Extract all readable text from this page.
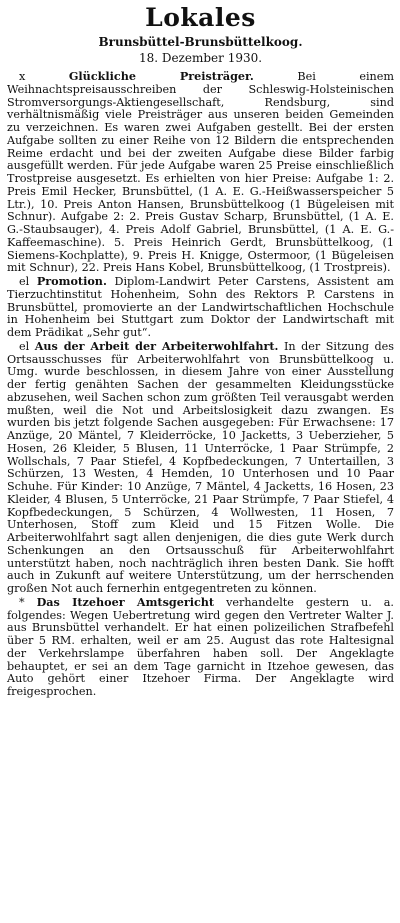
Lokales
Brunsbüttel-Brunsbüttelkoog.
18. Dezember 1930.

x	Glückliche Preisträger.	Bei einem Weihnachtspreisausschreiben der Schleswig-Holsteinischen Stromversorgungs-Aktiengesellschaft, Rendsburg, sind verhältnismäßig viele Preisträger aus unseren beiden Gemeinden zu verzeichnen. Es waren zwei Aufgaben gestellt. Bei der ersten Aufgabe sollten zu einer Reihe von 12 Bildern die entsprechenden Reime erdacht und bei der zweiten Aufgabe diese Bilder farbig ausgefüllt werden. Für jede Aufgabe waren 25 Preise einschließlich Trostpreise ausgesetzt. Es erhielten von hier Preise: Aufgabe 1: 2. Preis Emil Hecker, Brunsbüttel, (1 A. E. G.-Heißwasserspeicher 5 Ltr.), 10. Preis Anton Hansen, Brunsbüttelkoog (1 Bügeleisen mit Schnur). Aufgabe 2: 2. Preis Gustav Scharp, Brunsbüttel, (1 A. E. G.-Staubsauger), 4. Preis Adolf Gabriel, Brunsbüttel, (1 A. E. G.-Kaffeemaschine). 5. Preis Heinrich Gerdt, Brunsbüttelkoog, (1 Siemens-Kochplatte), 9. Preis H. Knigge, Ostermoor, (1 Bügeleisen mit Schnur), 22. Preis Hans Kobel, Brunsbüttelkoog, (1 Trostpreis).

el Promotion. Diplom-Landwirt Peter Carstens, Assistent am Tierzuchtinstitut Hohenheim, Sohn des Rektors P. Carstens in Brunsbüttel, promovierte an der Landwirtschaftlichen Hochschule in Hohenheim bei Stuttgart zum Doktor der Landwirtschaft mit dem Prädikat „Sehr gut“.

el Aus der Arbeit der Arbeiterwohlfahrt. In der Sitzung des Ortsausschusses für Arbeiterwohlfahrt von Brunsbüttelkoog u. Umg. wurde beschlossen, in diesem Jahre von einer Ausstellung der fertig genähten Sachen der gesammelten Kleidungsstücke abzusehen, weil Sachen schon zum größten Teil verausgabt werden mußten, weil die Not und Arbeitslosigkeit dazu zwangen. Es wurden bis jetzt folgende Sachen ausgegeben: Für Erwachsene: 17 Anzüge, 20 Mäntel, 7 Kleiderröcke, 10 Jacketts, 3 Ueberzieher, 5 Hosen, 26 Kleider, 5 Blusen, 11 Unterröcke, 1 Paar Strümpfe, 2 Wollschals, 7 Paar Stiefel, 4 Kopfbedeckungen, 7 Untertaillen, 3 Schürzen, 13 Westen, 4 Hemden, 10 Unterhosen und 10 Paar Schuhe. Für Kinder: 10 Anzüge, 7 Mäntel, 4 Jacketts, 16 Hosen, 23 Kleider, 4 Blusen, 5 Unterröcke, 21 Paar Strümpfe, 7 Paar Stiefel, 4 Kopfbedeckungen, 5 Schürzen, 4 Wollwesten, 11 Hosen, 7 Unterhosen, Stoff zum Kleid und 15 Fitzen Wolle. Die Arbeiterwohlfahrt sagt allen denjenigen, die dies gute Werk durch Schenkungen an den Ortsausschuß für Arbeiterwohlfahrt unterstützt haben, noch nachträglich ihren besten Dank. Sie hofft auch in Zukunft auf weitere Unterstützung, um der herrschenden großen Not auch fernerhin entgegentreten zu können.

* Das Itzehoer Amtsgericht verhandelte gestern u. a. folgendes: Wegen Uebertretung wird gegen den Vertreter Walter J. aus Brunsbüttel verhandelt. Er hat einen polizeilichen Strafbefehl über 5 RM. erhalten, weil er am 25. August das rote Haltesignal der Verkehrslampe überfahren haben soll. Der Angeklagte behauptet, er sei an dem Tage garnicht in Itzehoe gewesen, das Auto gehört einer Itzehoer Firma. Der Angeklagte wird freigesprochen.
